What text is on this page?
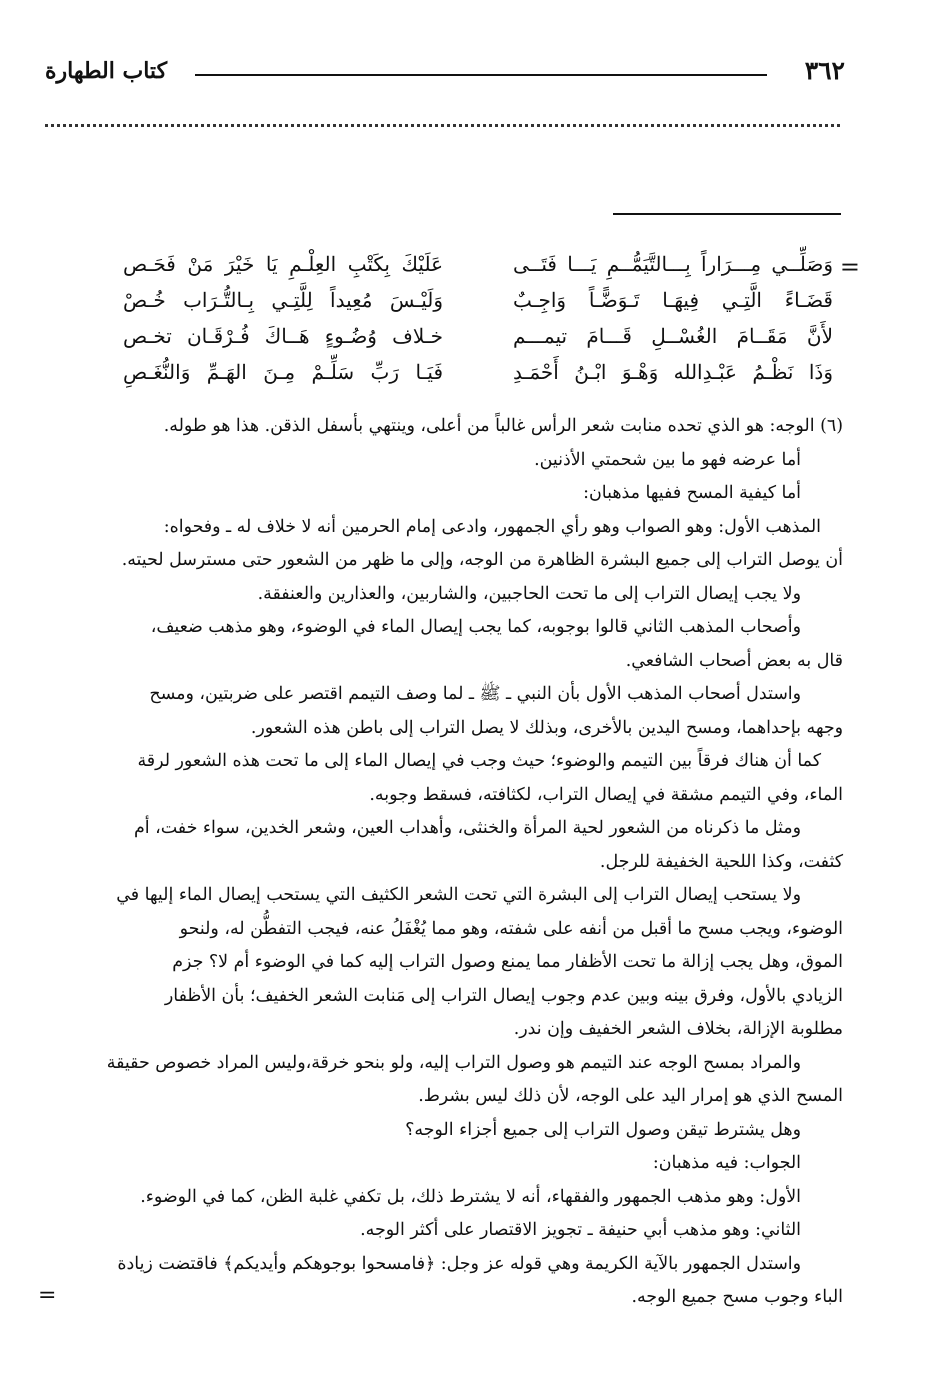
٣٦٢
كتاب الطهارة
=
وَصَلِّــي مِـــرَاراً بِـــالتَّيَمُّــمِ يَـــا فَتَــى
عَلَيْكَ بِكَتْبِ العِلْـمِ يَا خَيْرَ مَنْ فَحَـص
قَضَـاءً الَّتِـي فِيهَـا تَـوَضًّـاً وَاجِـبٌ
وَلَيْـسَ مُعِيداً لِلَّتِـي بِـالتُّـرَاب خُـصْ
لأَنَّ مَقَــامَ الغُسْــلِ قَـــامَ تيمـــم
خـلاف وُضُـوءٍ هَــاكَ فُـرْقَـان تخـص
وَذَا نَظْـمُ عَبْـدِالله وَهْـوَ ابْـنُ أَحْمَـدِ
فَيَـا رَبِّ سَلِّـمْ مِـنَ الهَـمِّ وَالنُّغَـصِ

(٦) الوجه: هو الذي تحده منابت شعر الرأس غالباً من أعلى، وينتهي بأسفل الذقن. هذا هو طوله.

أما عرضه فهو ما بين شحمتي الأذنين.

أما كيفية المسح ففيها مذهبان:

المذهب الأول: وهو الصواب وهو رأي الجمهور، وادعى إمام الحرمين أنه لا خلاف له ـ وفحواه:
أن يوصل التراب إلى جميع البشرة الظاهرة من الوجه، وإلى ما ظهر من الشعور حتى مسترسل لحيته.

ولا يجب إيصال التراب إلى ما تحت الحاجبين، والشاربين، والعذارين والعنفقة.

وأصحاب المذهب الثاني قالوا بوجوبه، كما يجب إيصال الماء في الوضوء، وهو مذهب ضعيف،
قال به بعض أصحاب الشافعي.

واستدل أصحاب المذهب الأول بأن النبي ـ ﷺ ـ لما وصف التيمم اقتصر على ضربتين، ومسح
وجهه بإحداهما، ومسح اليدين بالأخرى، وبذلك لا يصل التراب إلى باطن هذه الشعور.

كما أن هناك فرقاً بين التيمم والوضوء؛ حيث وجب في إيصال الماء إلى ما تحت هذه الشعور لرقة
الماء، وفي التيمم مشقة في إيصال التراب، لكثافته، فسقط وجوبه.

ومثل ما ذكرناه من الشعور لحية المرأة والخنثى، وأهداب العين، وشعر الخدين، سواء خفت، أم
كثفت، وكذا اللحية الخفيفة للرجل.

ولا يستحب إيصال التراب إلى البشرة التي تحت الشعر الكثيف التي يستحب إيصال الماء إليها في
الوضوء، ويجب مسح ما أقبل من أنفه على شفته، وهو مما يُغْفَلُ عنه، فيجب التفطُّن له، ولنحو
الموق، وهل يجب إزالة ما تحت الأظفار مما يمنع وصول التراب إليه كما في الوضوء أم لا؟ جزم
الزيادي بالأول، وفرق بينه وبين عدم وجوب إيصال التراب إلى مَنابت الشعر الخفيف؛ بأن الأظفار
مطلوبة الإزالة، بخلاف الشعر الخفيف وإن ندر.

والمراد بمسح الوجه عند التيمم هو وصول التراب إليه، ولو بنحو خرقة،وليس المراد خصوص حقيقة
المسح الذي هو إمرار اليد على الوجه، لأن ذلك ليس بشرط.

وهل يشترط تيقن وصول التراب إلى جميع أجزاء الوجه؟

الجواب: فيه مذهبان:

الأول: وهو مذهب الجمهور والفقهاء، أنه لا يشترط ذلك، بل تكفي غلبة الظن، كما في الوضوء.

الثاني: وهو مذهب أبي حنيفة ـ تجويز الاقتصار على أكثر الوجه.

واستدل الجمهور بالآية الكريمة وهي قوله عز وجل: ﴿فامسحوا بوجوهكم وأيديكم﴾ فاقتضت زيادة
الباء وجوب مسح جميع الوجه.

=
